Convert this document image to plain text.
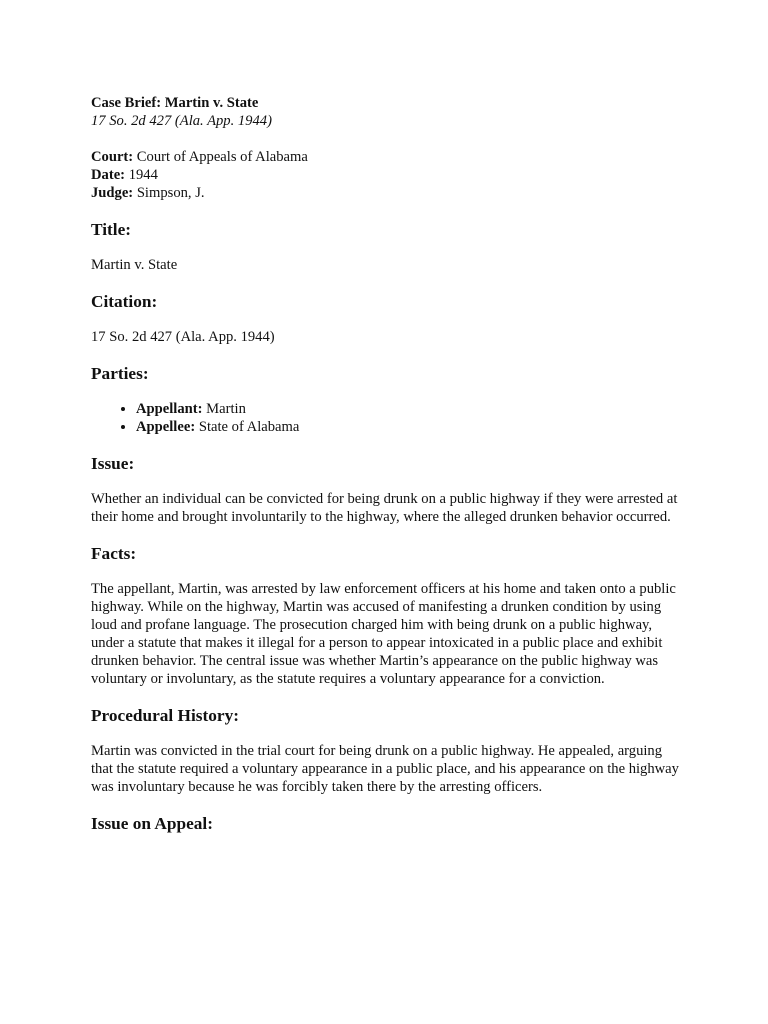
Case Brief: Martin v. State
17 So. 2d 427 (Ala. App. 1944)
Court: Court of Appeals of Alabama
Date: 1944
Judge: Simpson, J.
Title:

Martin v. State

Citation:

17 So. 2d 427 (Ala. App. 1944)

Parties:
• Appellant: Martin
• Appellee: State of Alabama
Issue:

Whether an individual can be convicted for being drunk on a public highway if they were arrested at their home and brought involuntarily to the highway, where the alleged drunken behavior occurred.

Facts:

The appellant, Martin, was arrested by law enforcement officers at his home and taken onto a public highway. While on the highway, Martin was accused of manifesting a drunken condition by using loud and profane language. The prosecution charged him with being drunk on a public highway, under a statute that makes it illegal for a person to appear intoxicated in a public place and exhibit drunken behavior. The central issue was whether Martin’s appearance on the public highway was voluntary or involuntary, as the statute requires a voluntary appearance for a conviction.

Procedural History:

Martin was convicted in the trial court for being drunk on a public highway. He appealed, arguing that the statute required a voluntary appearance in a public place, and his appearance on the highway was involuntary because he was forcibly taken there by the arresting officers.

Issue on Appeal:
